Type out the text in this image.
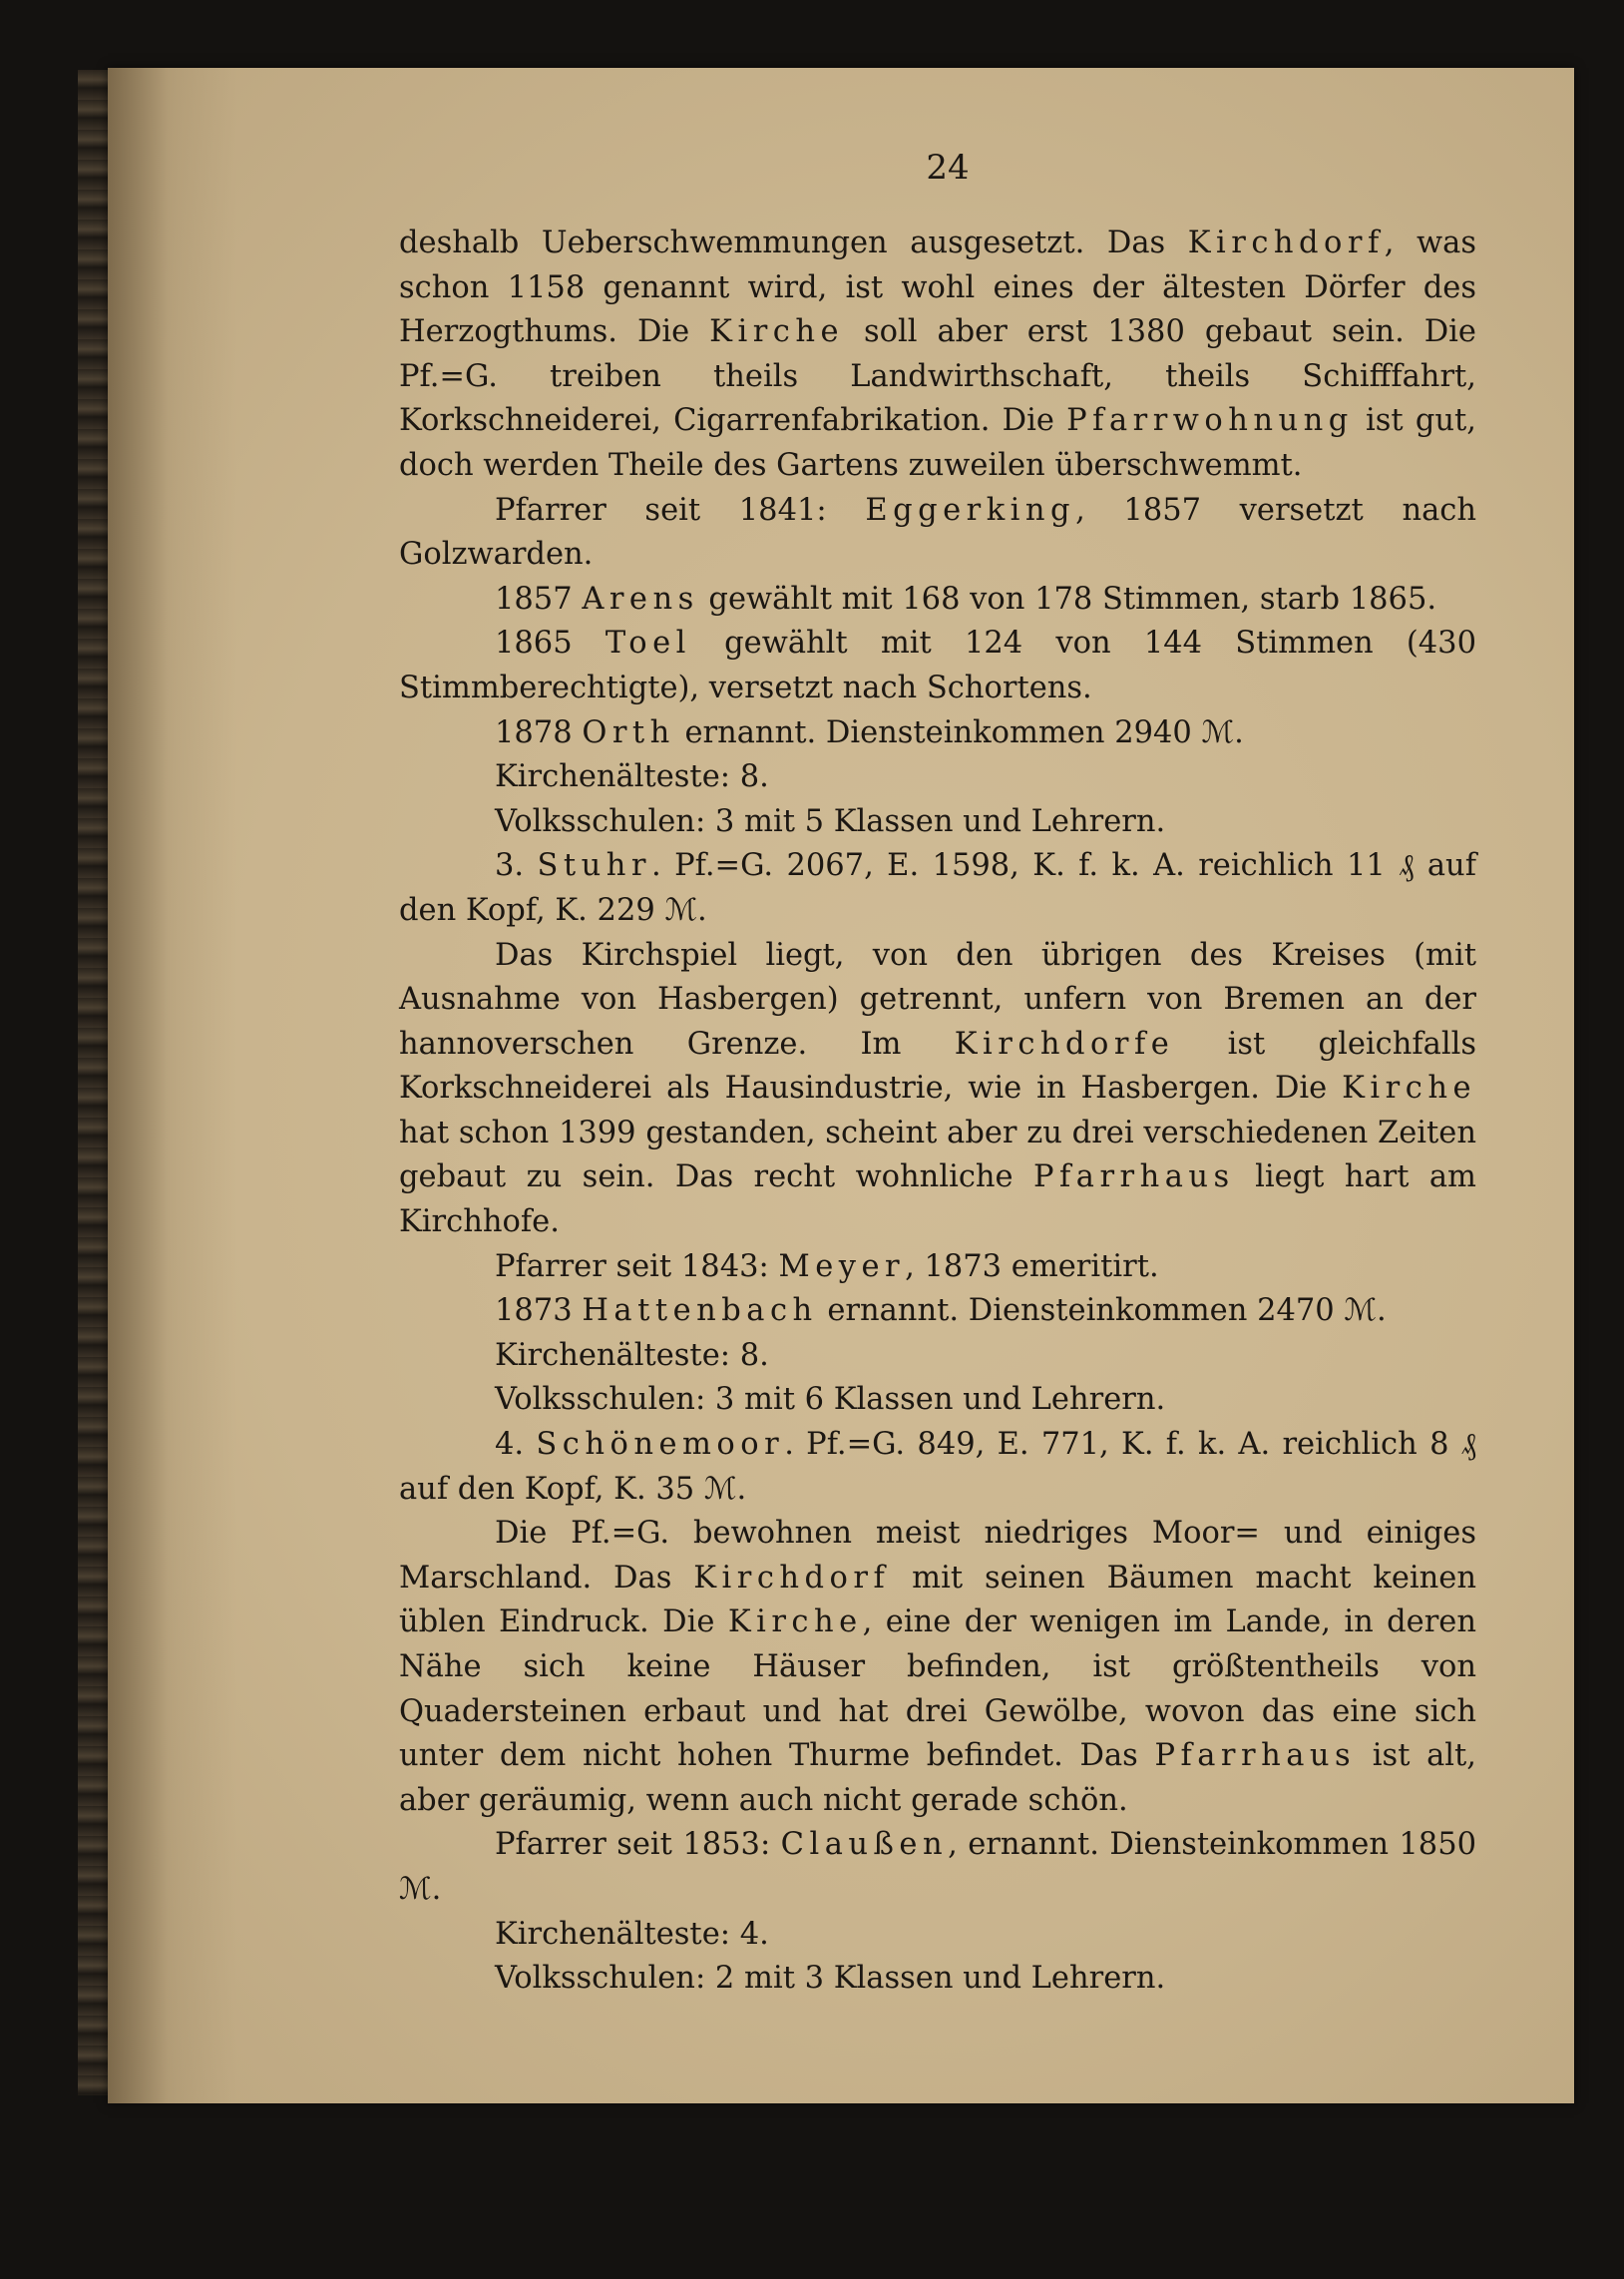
24

deshalb Ueberschwemmungen ausgesetzt. Das Kirchdorf, was schon 1158 genannt wird, ist wohl eines der ältesten Dörfer des Herzogthums. Die Kirche soll aber erst 1380 gebaut sein. Die Pf.=G. treiben theils Landwirthschaft, theils Schifffahrt, Korkschneiderei, Cigarrenfabrikation. Die Pfarrwohnung ist gut, doch werden Theile des Gartens zuweilen überschwemmt.

Pfarrer seit 1841: Eggerking, 1857 versetzt nach Golzwarden.

1857 Arens gewählt mit 168 von 178 Stimmen, starb 1865.

1865 Toel gewählt mit 124 von 144 Stimmen (430 Stimmberechtigte), versetzt nach Schortens.

1878 Orth ernannt. Diensteinkommen 2940 ℳ.

Kirchenälteste: 8.

Volksschulen: 3 mit 5 Klassen und Lehrern.

3. Stuhr. Pf.=G. 2067, E. 1598, K. f. k. A. reichlich 11 ₰ auf den Kopf, K. 229 ℳ.

Das Kirchspiel liegt, von den übrigen des Kreises (mit Ausnahme von Hasbergen) getrennt, unfern von Bremen an der hannoverschen Grenze. Im Kirchdorfe ist gleichfalls Korkschneiderei als Hausindustrie, wie in Hasbergen. Die Kirche hat schon 1399 gestanden, scheint aber zu drei verschiedenen Zeiten gebaut zu sein. Das recht wohnliche Pfarrhaus liegt hart am Kirchhofe.

Pfarrer seit 1843: Meyer, 1873 emeritirt.

1873 Hattenbach ernannt. Diensteinkommen 2470 ℳ.

Kirchenälteste: 8.

Volksschulen: 3 mit 6 Klassen und Lehrern.

4. Schönemoor. Pf.=G. 849, E. 771, K. f. k. A. reichlich 8 ₰ auf den Kopf, K. 35 ℳ.

Die Pf.=G. bewohnen meist niedriges Moor= und einiges Marschland. Das Kirchdorf mit seinen Bäumen macht keinen üblen Eindruck. Die Kirche, eine der wenigen im Lande, in deren Nähe sich keine Häuser befinden, ist größtentheils von Quadersteinen erbaut und hat drei Gewölbe, wovon das eine sich unter dem nicht hohen Thurme befindet. Das Pfarrhaus ist alt, aber geräumig, wenn auch nicht gerade schön.

Pfarrer seit 1853: Claußen, ernannt. Diensteinkommen 1850 ℳ.

Kirchenälteste: 4.

Volksschulen: 2 mit 3 Klassen und Lehrern.
